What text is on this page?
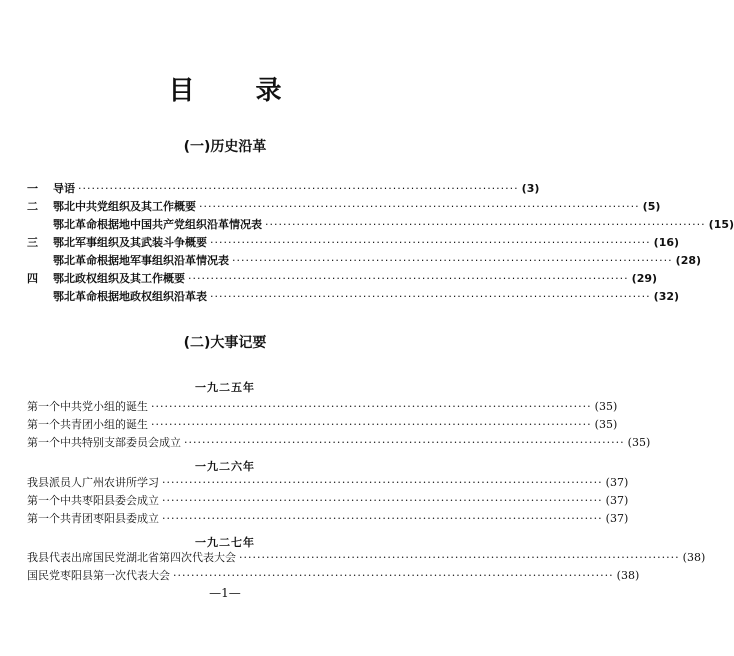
目 录
(一)历史沿革
一	导语 ·································································································· (3)
二	鄂北中共党组织及其工作概要 ·································································································· (5)
鄂北革命根据地中国共产党组织沿革情况表 ·································································································· (15)
三	鄂北军事组织及其武装斗争概要 ·································································································· (16)
鄂北革命根据地军事组织沿革情况表 ·································································································· (28)
四	鄂北政权组织及其工作概要 ·································································································· (29)
鄂北革命根据地政权组织沿革表 ·································································································· (32)
(二)大事记要
一九二五年
第一个中共党小组的诞生 ·································································································· (35)
第一个共青团小组的诞生 ·································································································· (35)
第一个中共特别支部委员会成立 ·································································································· (35)
一九二六年
我县派员人广州农讲所学习 ·································································································· (37)
第一个中共枣阳县委会成立 ·································································································· (37)
第一个共青团枣阳县委成立 ·································································································· (37)
一九二七年
我县代表出席国民党湖北省第四次代表大会 ·································································································· (38)
国民党枣阳县第一次代表大会 ·································································································· (38)
—1—
